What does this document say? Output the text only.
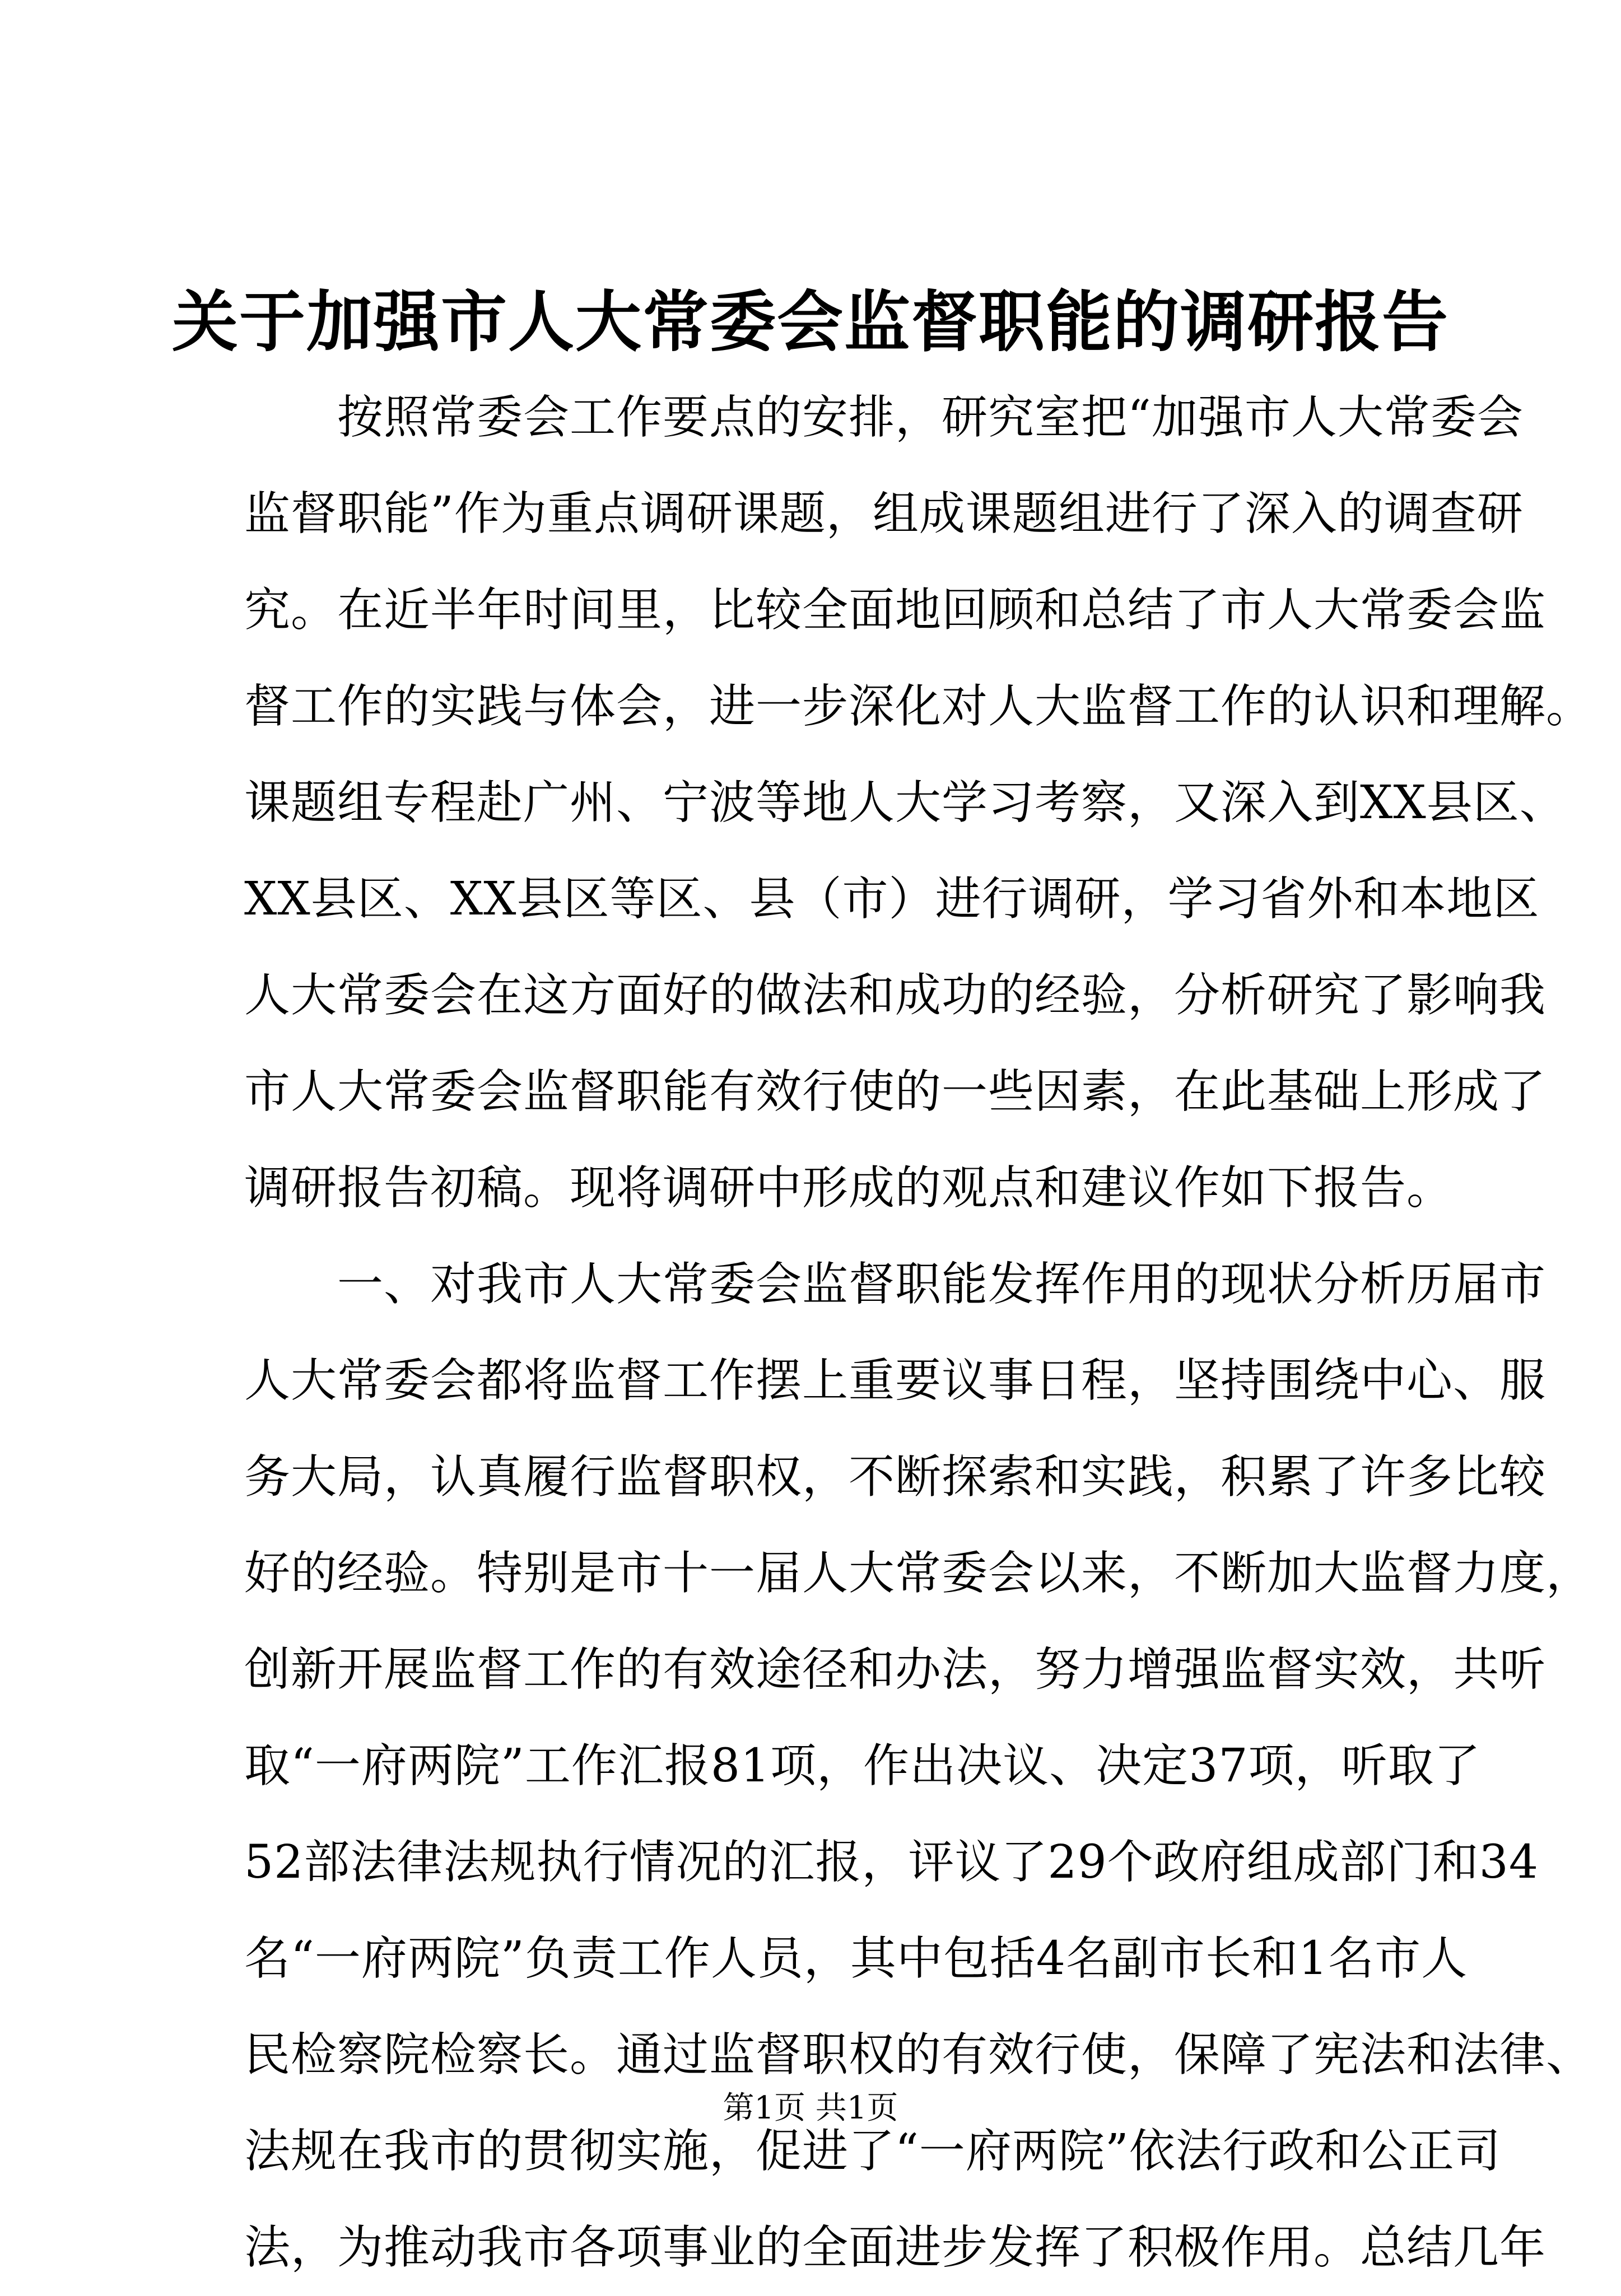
关于加强市人大常委会监督职能的调研报告
　　按照常委会工作要点的安排，研究室把“加强市人大常委会
监督职能”作为重点调研课题，组成课题组进行了深入的调查研
究。在近半年时间里，比较全面地回顾和总结了市人大常委会监
督工作的实践与体会，进一步深化对人大监督工作的认识和理解。
课题组专程赴广州、宁波等地人大学习考察，又深入到XX县区、
XX县区、XX县区等区、县（市）进行调研，学习省外和本地区
人大常委会在这方面好的做法和成功的经验，分析研究了影响我
市人大常委会监督职能有效行使的一些因素，在此基础上形成了
调研报告初稿。现将调研中形成的观点和建议作如下报告。
　　一、对我市人大常委会监督职能发挥作用的现状分析历届市
人大常委会都将监督工作摆上重要议事日程，坚持围绕中心、服
务大局，认真履行监督职权，不断探索和实践，积累了许多比较
好的经验。特别是市十一届人大常委会以来，不断加大监督力度，
创新开展监督工作的有效途径和办法，努力增强监督实效，共听
取“一府两院”工作汇报81项，作出决议、决定37项，听取了
52部法律法规执行情况的汇报，评议了29个政府组成部门和34
名“一府两院”负责工作人员，其中包括4名副市长和1名市人
民检察院检察长。通过监督职权的有效行使，保障了宪法和法律、
法规在我市的贯彻实施，促进了“一府两院”依法行政和公正司
法，为推动我市各项事业的全面进步发挥了积极作用。总结几年
第1页 共1页
